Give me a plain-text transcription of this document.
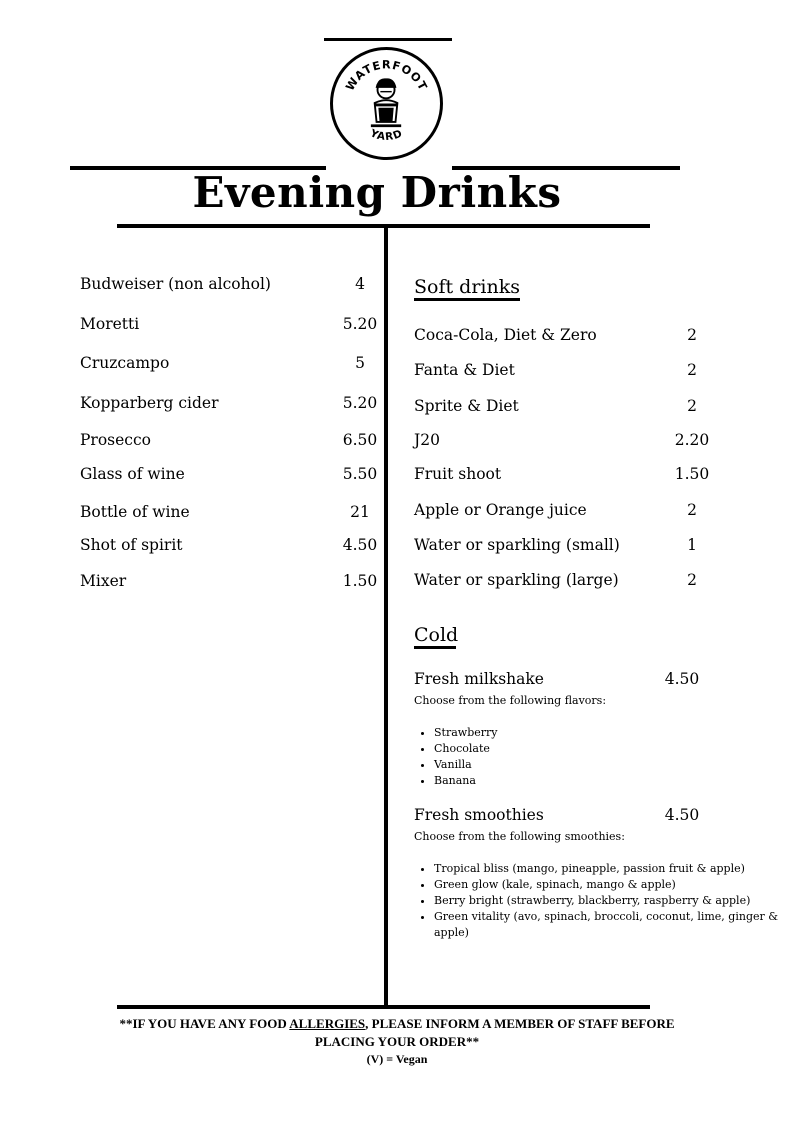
WATERFOOT
YARD
Evening Drinks
Budweiser (non alcohol)	4
Moretti	5.20
Cruzcampo	5
Kopparberg cider	5.20
Prosecco	6.50
Glass of wine	5.50
Bottle of wine	21
Shot of spirit	4.50
Mixer	1.50
Soft drinks
Coca-Cola, Diet & Zero	2
Fanta & Diet	2
Sprite & Diet	2
J20	2.20
Fruit shoot	1.50
Apple or Orange juice	2
Water or sparkling (small)	1
Water or sparkling (large)	2
Cold
Fresh milkshake	4.50
Choose from the following flavors:
• Strawberry
• Chocolate
• Vanilla
• Banana
Fresh smoothies	4.50
Choose from the following smoothies:
• Tropical bliss (mango, pineapple, passion fruit & apple)
• Green glow (kale, spinach, mango & apple)
• Berry bright (strawberry, blackberry, raspberry & apple)
• Green vitality (avo, spinach, broccoli, coconut, lime, ginger & apple)
**IF YOU HAVE ANY FOOD ALLERGIES, PLEASE INFORM A MEMBER OF STAFF BEFORE
PLACING YOUR ORDER**
(V) = Vegan
